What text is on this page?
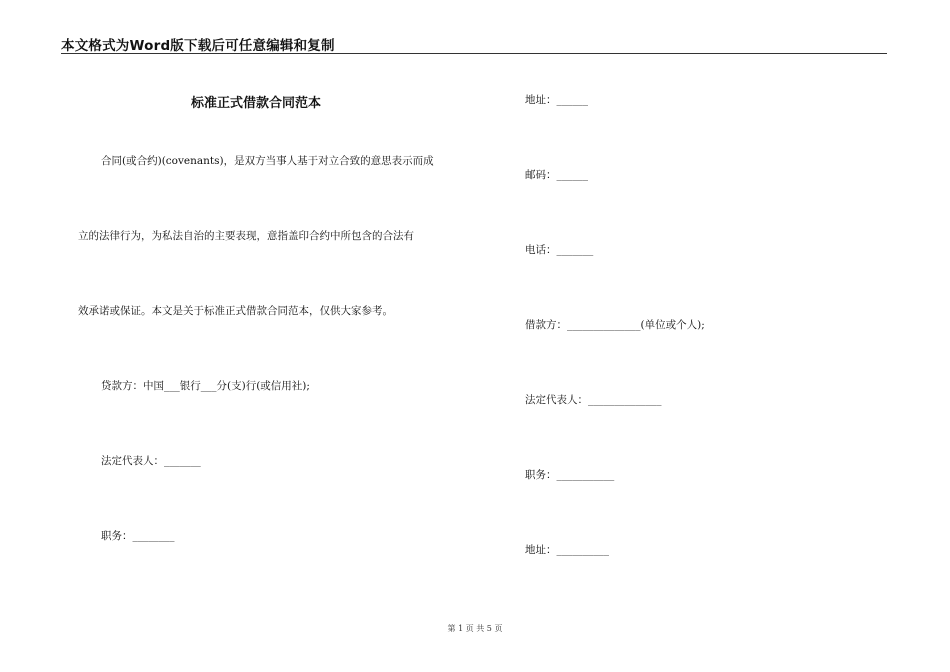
本文格式为Word版下载后可任意编辑和复制
标准正式借款合同范本
合同(或合约)(covenants)，是双方当事人基于对立合致的意思表示而成
立的法律行为，为私法自治的主要表现，意指盖印合约中所包含的合法有
效承诺或保证。本文是关于标准正式借款合同范本，仅供大家参考。
贷款方：中国___银行___分(支)行(或信用社);
法定代表人：_______
职务：________
地址：______
邮码：______
电话：_______
借款方：______________(单位或个人);
法定代表人：______________
职务：___________
地址：__________
第 1 页 共 5 页
